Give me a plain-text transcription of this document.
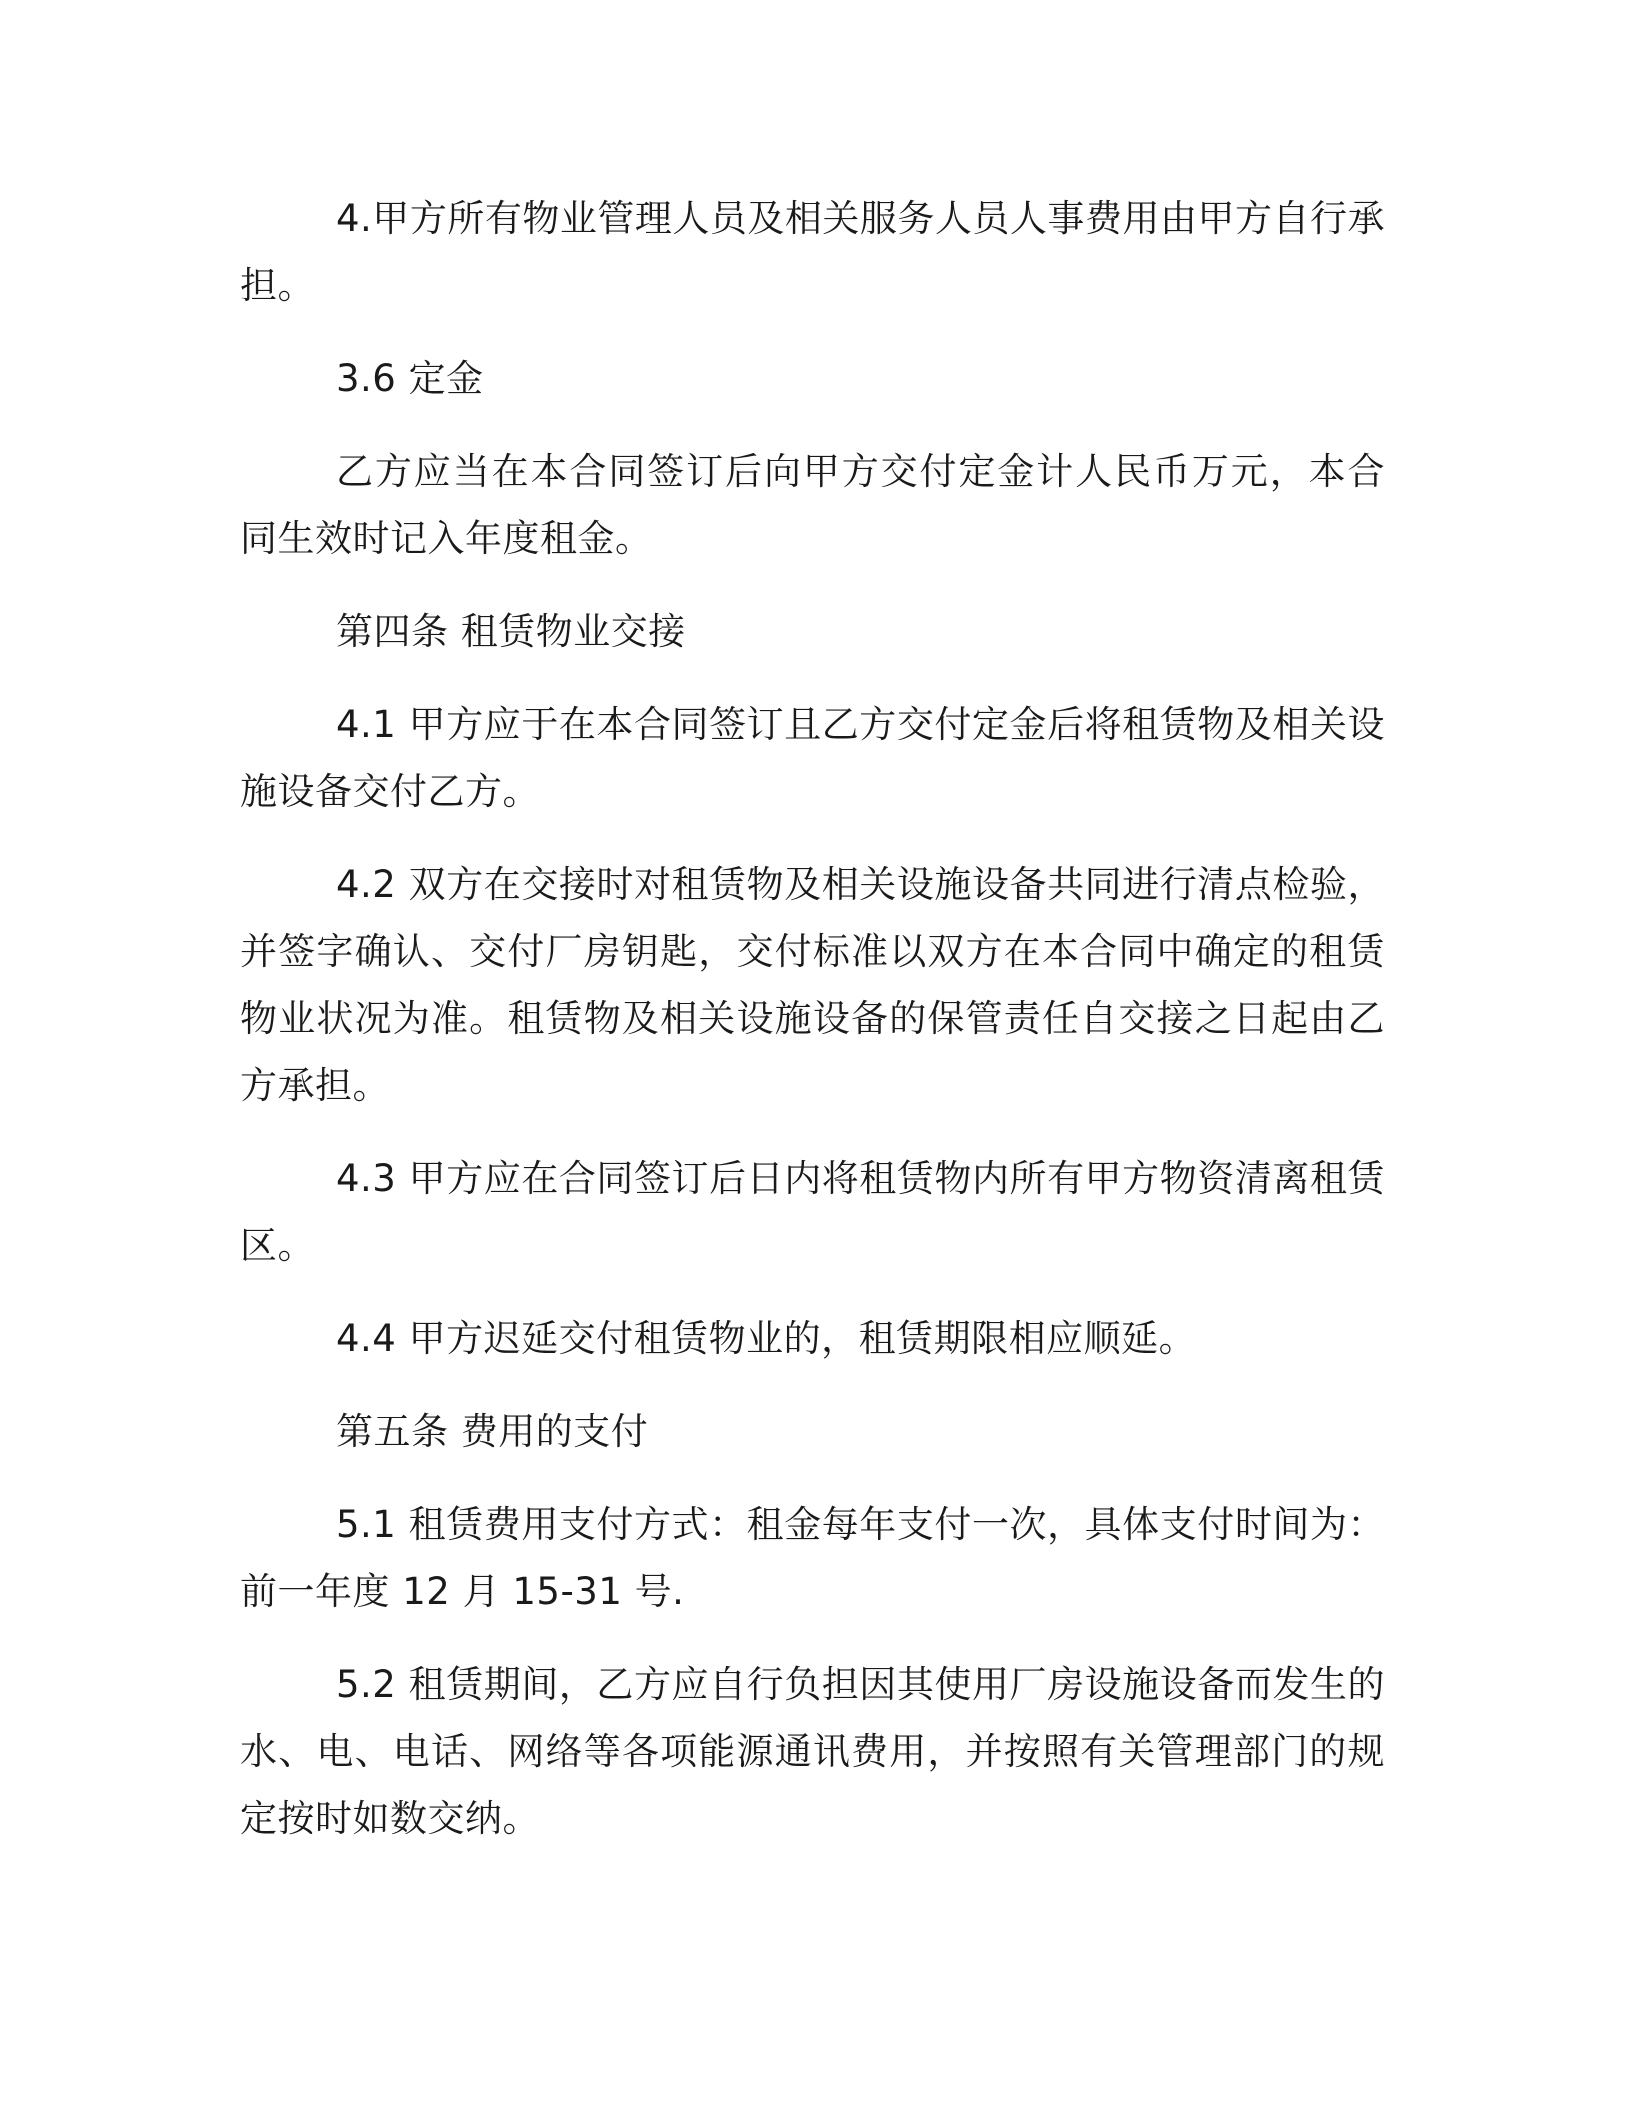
4.甲方所有物业管理人员及相关服务人员人事费用由甲方自行承担。

3.6 定金

乙方应当在本合同签订后向甲方交付定金计人民币万元，本合同生效时记入年度租金。

第四条 租赁物业交接

4.1 甲方应于在本合同签订且乙方交付定金后将租赁物及相关设施设备交付乙方。

4.2 双方在交接时对租赁物及相关设施设备共同进行清点检验，并签字确认、交付厂房钥匙，交付标准以双方在本合同中确定的租赁物业状况为准。租赁物及相关设施设备的保管责任自交接之日起由乙方承担。

4.3 甲方应在合同签订后日内将租赁物内所有甲方物资清离租赁区。

4.4 甲方迟延交付租赁物业的，租赁期限相应顺延。

第五条 费用的支付

5.1 租赁费用支付方式：租金每年支付一次，具体支付时间为：前一年度 12 月 15-31 号.

5.2 租赁期间，乙方应自行负担因其使用厂房设施设备而发生的水、电、电话、网络等各项能源通讯费用，并按照有关管理部门的规定按时如数交纳。
